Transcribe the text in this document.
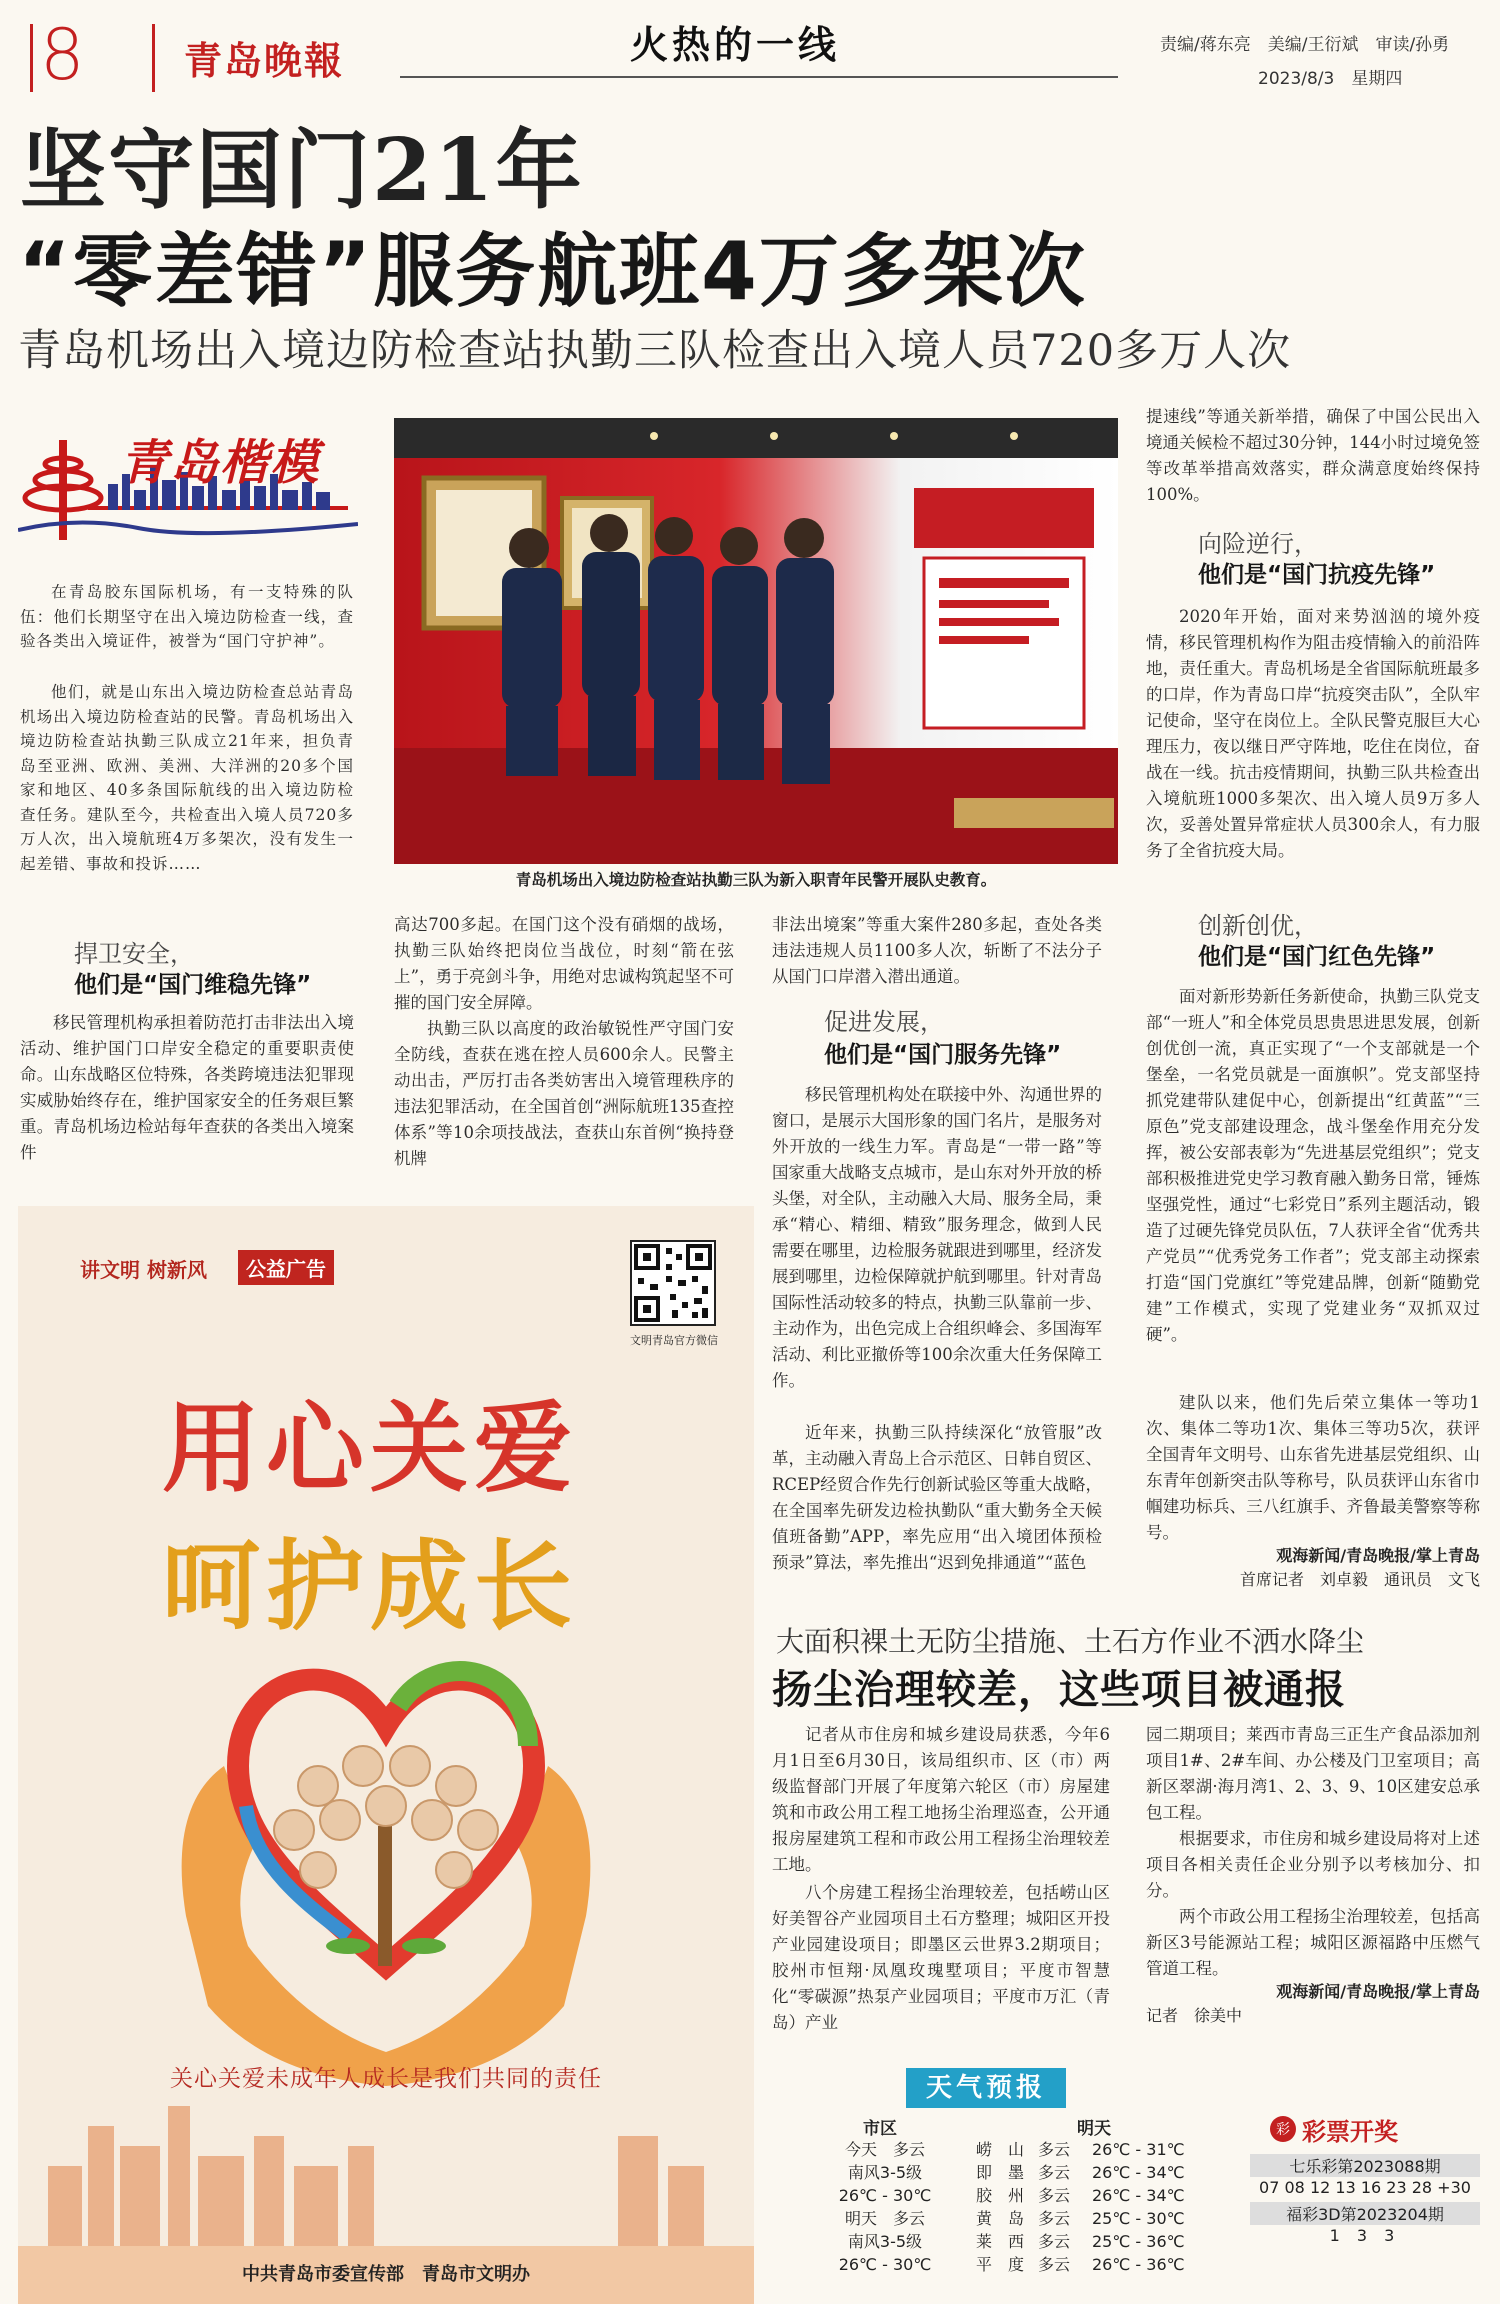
8	青岛晚報	火热的一线	责编/蒋东亮　美编/王衍斌　审读/孙勇
2023/8/3　星期四
坚守国门21年
“零差错”服务航班4万多架次
青岛机场出入境边防检查站执勤三队检查出入境人员720多万人次
青岛楷模

在青岛胶东国际机场，有一支特殊的队伍：他们长期坚守在出入境边防检查一线，查验各类出入境证件，被誉为“国门守护神”。

他们，就是山东出入境边防检查总站青岛机场出入境边防检查站的民警。青岛机场出入境边防检查站执勤三队成立21年来，担负青岛至亚洲、欧洲、美洲、大洋洲的20多个国家和地区、40多条国际航线的出入境边防检查任务。建队至今，共检查出入境人员720多万人次，出入境航班4万多架次，没有发生一起差错、事故和投诉……

捍卫安全，
他们是“国门维稳先锋”

移民管理机构承担着防范打击非法出入境活动、维护国门口岸安全稳定的重要职责使命。山东战略区位特殊，各类跨境违法犯罪现实威胁始终存在，维护国家安全的任务艰巨繁重。青岛机场边检站每年查获的各类出入境案件

青岛机场出入境边防检查站执勤三队为新入职青年民警开展队史教育。

高达700多起。在国门这个没有硝烟的战场，执勤三队始终把岗位当战位，时刻“箭在弦上”，勇于亮剑斗争，用绝对忠诚构筑起坚不可摧的国门安全屏障。

执勤三队以高度的政治敏锐性严守国门安全防线，查获在逃在控人员600余人。民警主动出击，严厉打击各类妨害出入境管理秩序的违法犯罪活动，在全国首创“洲际航班135查控体系”等10余项技战法，查获山东首例“换持登机牌

非法出境案”等重大案件280多起，查处各类违法违规人员1100多人次，斩断了不法分子从国门口岸潜入潜出通道。

促进发展，
他们是“国门服务先锋”

移民管理机构处在联接中外、沟通世界的窗口，是展示大国形象的国门名片，是服务对外开放的一线生力军。青岛是“一带一路”等国家重大战略支点城市，是山东对外开放的桥头堡，对全队，主动融入大局、服务全局，秉承“精心、精细、精致”服务理念，做到人民需要在哪里，边检服务就跟进到哪里，经济发展到哪里，边检保障就护航到哪里。针对青岛国际性活动较多的特点，执勤三队靠前一步、主动作为，出色完成上合组织峰会、多国海军活动、利比亚撤侨等100余次重大任务保障工作。

近年来，执勤三队持续深化“放管服”改革，主动融入青岛上合示范区、日韩自贸区、RCEP经贸合作先行创新试验区等重大战略，在全国率先研发边检执勤队“重大勤务全天候值班备勤”APP，率先应用“出入境团体预检预录”算法，率先推出“迟到免排通道”“蓝色

提速线”等通关新举措，确保了中国公民出入境通关候检不超过30分钟，144小时过境免签等改革举措高效落实，群众满意度始终保持100%。

向险逆行，
他们是“国门抗疫先锋”

2020年开始，面对来势汹汹的境外疫情，移民管理机构作为阻击疫情输入的前沿阵地，责任重大。青岛机场是全省国际航班最多的口岸，作为青岛口岸“抗疫突击队”，全队牢记使命，坚守在岗位上。全队民警克服巨大心理压力，夜以继日严守阵地，吃住在岗位，奋战在一线。抗击疫情期间，执勤三队共检查出入境航班1000多架次、出入境人员9万多人次，妥善处置异常症状人员300余人，有力服务了全省抗疫大局。

创新创优，
他们是“国门红色先锋”

面对新形势新任务新使命，执勤三队党支部“一班人”和全体党员思贵思进思发展，创新创优创一流，真正实现了“一个支部就是一个堡垒，一名党员就是一面旗帜”。党支部坚持抓党建带队建促中心，创新提出“红黄蓝”“三原色”党支部建设理念，战斗堡垒作用充分发挥，被公安部表彰为“先进基层党组织”；党支部积极推进党史学习教育融入勤务日常，锤炼坚强党性，通过“七彩党日”系列主题活动，锻造了过硬先锋党员队伍，7人获评全省“优秀共产党员”“优秀党务工作者”；党支部主动探索打造“国门党旗红”等党建品牌，创新“随勤党建”工作模式，实现了党建业务“双抓双过硬”。

建队以来，他们先后荣立集体一等功1次、集体二等功1次、集体三等功5次，获评全国青年文明号、山东省先进基层党组织、山东青年创新突击队等称号，队员获评山东省巾帼建功标兵、三八红旗手、齐鲁最美警察等称号。

观海新闻/青岛晚报/掌上青岛
首席记者　刘卓毅　通讯员　文飞
讲文明 树新风	公益广告
文明青岛官方微信
用心关爱
呵护成长
关心关爱未成年人成长是我们共同的责任
中共青岛市委宣传部　青岛市文明办
大面积裸土无防尘措施、土石方作业不洒水降尘
扬尘治理较差，这些项目被通报

记者从市住房和城乡建设局获悉，今年6月1日至6月30日，该局组织市、区（市）两级监督部门开展了年度第六轮区（市）房屋建筑和市政公用工程工地扬尘治理巡查，公开通报房屋建筑工程和市政公用工程扬尘治理较差工地。

八个房建工程扬尘治理较差，包括崂山区好美智谷产业园项目土石方整理；城阳区开投产业园建设项目；即墨区云世界3.2期项目；胶州市恒翔·凤凰玫瑰墅项目；平度市智慧化“零碳源”热泵产业园项目；平度市万汇（青岛）产业

园二期项目；莱西市青岛三正生产食品添加剂项目1#、2#车间、办公楼及门卫室项目；高新区翠湖·海月湾1、2、3、9、10区建安总承包工程。

根据要求，市住房和城乡建设局将对上述项目各相关责任企业分别予以考核加分、扣分。

两个市政公用工程扬尘治理较差，包括高新区3号能源站工程；城阳区源福路中压燃气管道工程。

观海新闻/青岛晚报/掌上青岛

记者　徐美中
天气预报
市区	明天
今天　多云
南风3-5级
26℃ - 30℃
明天　多云
南风3-5级
26℃ - 30℃
崂　山 多云	26℃ - 31℃
即　墨 多云	26℃ - 34℃
胶　州 多云	26℃ - 34℃
黄　岛 多云	25℃ - 30℃
莱　西 多云	25℃ - 36℃
平　度 多云	26℃ - 36℃
彩 彩票开奖
七乐彩第2023088期
07 08 12 13 16 23 28 +30
福彩3D第2023204期
1 3 3
